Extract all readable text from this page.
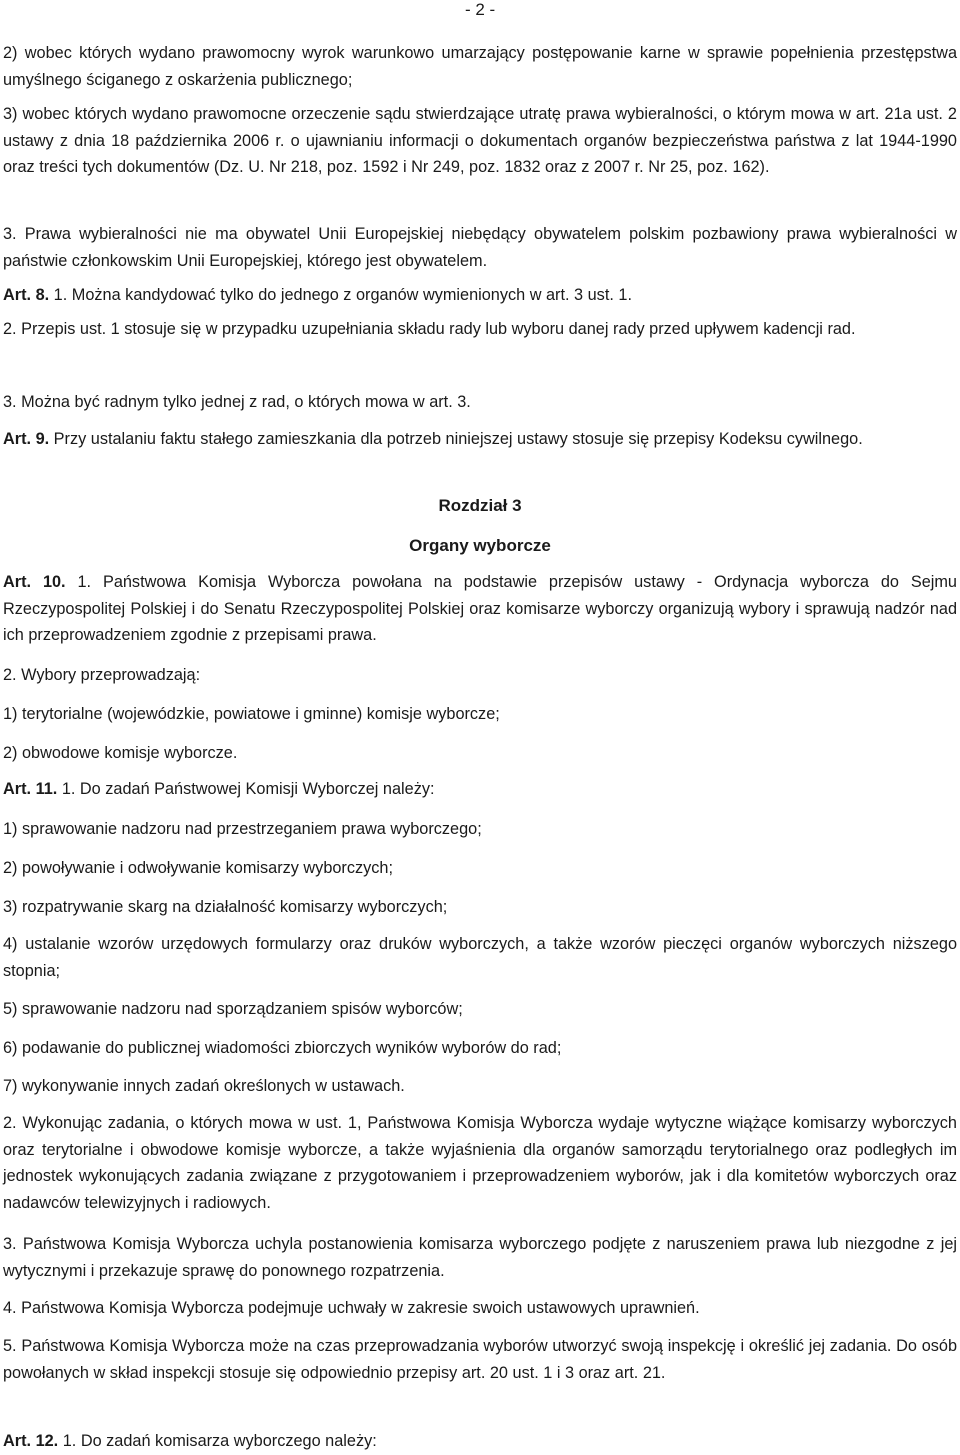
- 2 -

2) wobec których wydano prawomocny wyrok warunkowo umarzający postępowanie karne w sprawie popełnienia przestępstwa umyślnego ściganego z oskarżenia publicznego;

3) wobec których wydano prawomocne orzeczenie sądu stwierdzające utratę prawa wybieralności, o którym mowa w art. 21a ust. 2 ustawy z dnia 18 października 2006 r. o ujawnianiu informacji o dokumentach organów bezpieczeństwa państwa z lat 1944-1990 oraz treści tych dokumentów (Dz. U. Nr 218, poz. 1592 i Nr 249, poz. 1832 oraz z 2007 r. Nr 25, poz. 162).

3. Prawa wybieralności nie ma obywatel Unii Europejskiej niebędący obywatelem polskim pozbawiony prawa wybieralności w państwie członkowskim Unii Europejskiej, którego jest obywatelem.

Art. 8. 1. Można kandydować tylko do jednego z organów wymienionych w art. 3 ust. 1.

2. Przepis ust. 1 stosuje się w przypadku uzupełniania składu rady lub wyboru danej rady przed upływem kadencji rad.

3. Można być radnym tylko jednej z rad, o których mowa w art. 3.

Art. 9. Przy ustalaniu faktu stałego zamieszkania dla potrzeb niniejszej ustawy stosuje się przepisy Kodeksu cywilnego.

Rozdział 3
Organy wyborcze

Art. 10. 1. Państwowa Komisja Wyborcza powołana na podstawie przepisów ustawy - Ordynacja wyborcza do Sejmu Rzeczypospolitej Polskiej i do Senatu Rzeczypospolitej Polskiej oraz komisarze wyborczy organizują wybory i sprawują nadzór nad ich przeprowadzeniem zgodnie z przepisami prawa.

2. Wybory przeprowadzają:

1) terytorialne (wojewódzkie, powiatowe i gminne) komisje wyborcze;

2) obwodowe komisje wyborcze.

Art. 11. 1. Do zadań Państwowej Komisji Wyborczej należy:

1) sprawowanie nadzoru nad przestrzeganiem prawa wyborczego;

2) powoływanie i odwoływanie komisarzy wyborczych;

3) rozpatrywanie skarg na działalność komisarzy wyborczych;

4) ustalanie wzorów urzędowych formularzy oraz druków wyborczych, a także wzorów pieczęci organów wyborczych niższego stopnia;

5) sprawowanie nadzoru nad sporządzaniem spisów wyborców;

6) podawanie do publicznej wiadomości zbiorczych wyników wyborów do rad;

7) wykonywanie innych zadań określonych w ustawach.

2. Wykonując zadania, o których mowa w ust. 1, Państwowa Komisja Wyborcza wydaje wytyczne wiążące komisarzy wyborczych oraz terytorialne i obwodowe komisje wyborcze, a także wyjaśnienia dla organów samorządu terytorialnego oraz podległych im jednostek wykonujących zadania związane z przygotowaniem i przeprowadzeniem wyborów, jak i dla komitetów wyborczych oraz nadawców telewizyjnych i radiowych.

3. Państwowa Komisja Wyborcza uchyla postanowienia komisarza wyborczego podjęte z naruszeniem prawa lub niezgodne z jej wytycznymi i przekazuje sprawę do ponownego rozpatrzenia.

4. Państwowa Komisja Wyborcza podejmuje uchwały w zakresie swoich ustawowych uprawnień.

5. Państwowa Komisja Wyborcza może na czas przeprowadzania wyborów utworzyć swoją inspekcję i określić jej zadania. Do osób powołanych w skład inspekcji stosuje się odpowiednio przepisy art. 20 ust. 1 i 3 oraz art. 21.

Art. 12. 1. Do zadań komisarza wyborczego należy:
